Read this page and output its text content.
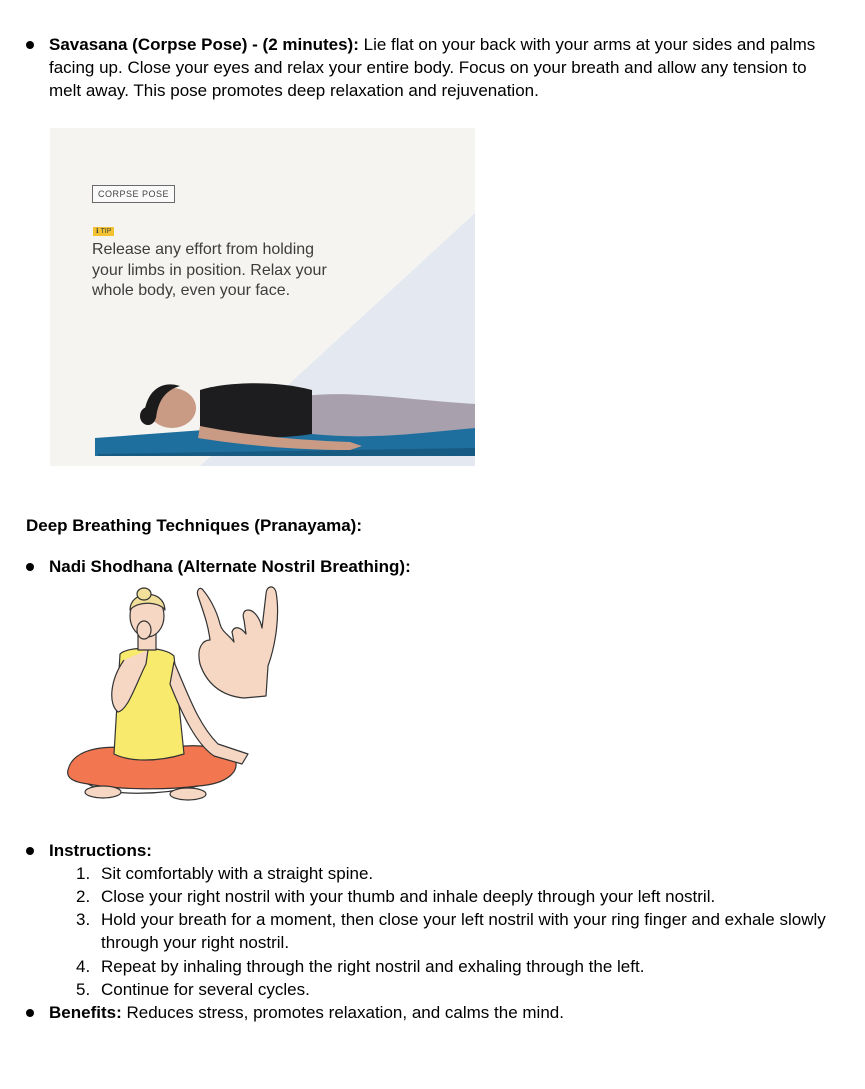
Savasana (Corpse Pose) - (2 minutes): Lie flat on your back with your arms at your sides and palms
facing up. Close your eyes and relax your entire body. Focus on your breath and allow any tension to
melt away. This pose promotes deep relaxation and rejuvenation.
CORPSE POSE
ℹ TIP
Release any effort from holding
your limbs in position. Relax your
whole body, even your face.
Deep Breathing Techniques (Pranayama):
Nadi Shodhana (Alternate Nostril Breathing):
Instructions:
1. Sit comfortably with a straight spine.
2. Close your right nostril with your thumb and inhale deeply through your left nostril.
3. Hold your breath for a moment, then close your left nostril with your ring finger and exhale slowly
through your right nostril.
4. Repeat by inhaling through the right nostril and exhaling through the left.
5. Continue for several cycles.
Benefits: Reduces stress, promotes relaxation, and calms the mind.
